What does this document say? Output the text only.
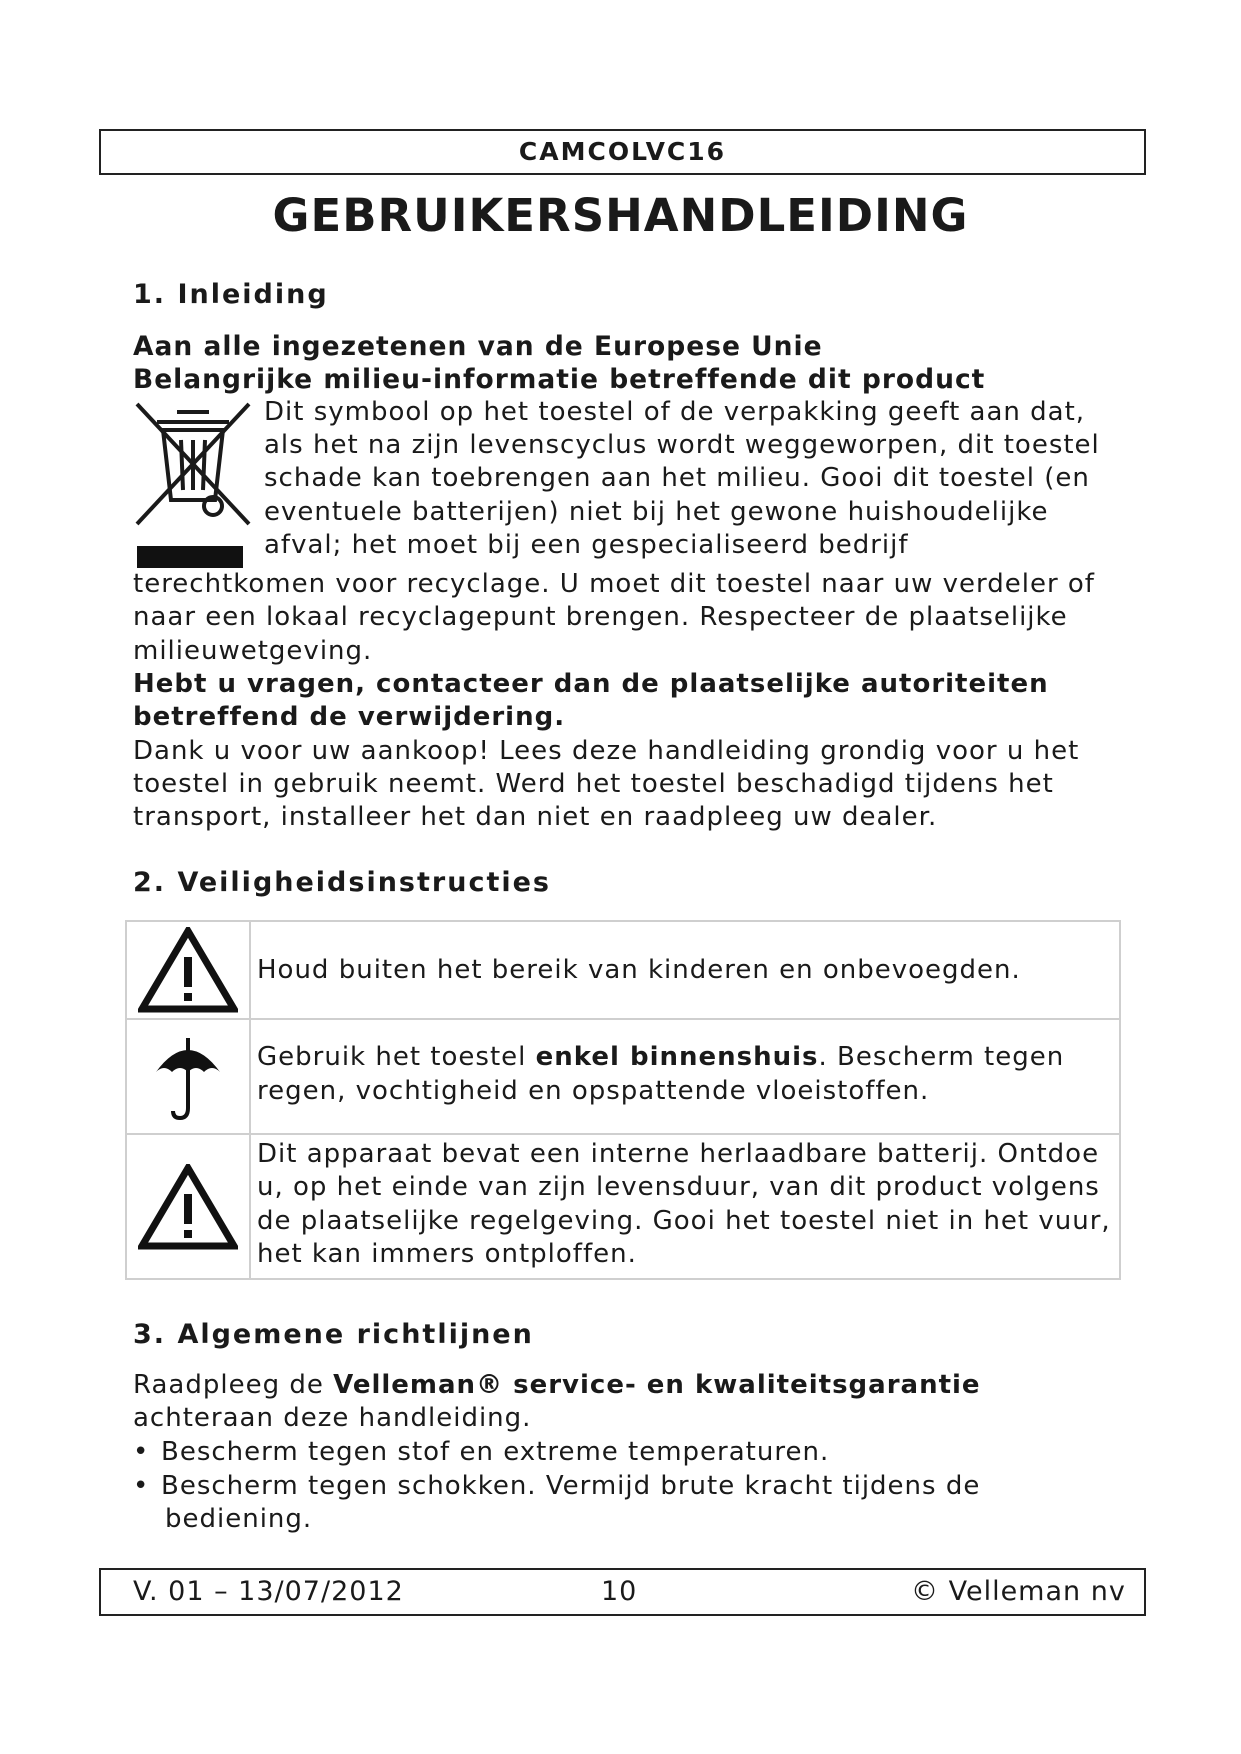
CAMCOLVC16
GEBRUIKERSHANDLEIDING
1. Inleiding
Aan alle ingezetenen van de Europese Unie
Belangrijke milieu-informatie betreffende dit product
Dit symbool op het toestel of de verpakking geeft aan dat,
als het na zijn levenscyclus wordt weggeworpen, dit toestel
schade kan toebrengen aan het milieu. Gooi dit toestel (en
eventuele batterijen) niet bij het gewone huishoudelijke
afval; het moet bij een gespecialiseerd bedrijf
terechtkomen voor recyclage. U moet dit toestel naar uw verdeler of
naar een lokaal recyclagepunt brengen. Respecteer de plaatselijke
milieuwetgeving.
Hebt u vragen, contacteer dan de plaatselijke autoriteiten
betreffend de verwijdering.
Dank u voor uw aankoop! Lees deze handleiding grondig voor u het
toestel in gebruik neemt. Werd het toestel beschadigd tijdens het
transport, installeer het dan niet en raadpleeg uw dealer.
2. Veiligheidsinstructies
Houd buiten het bereik van kinderen en onbevoegden.
Gebruik het toestel enkel binnenshuis. Bescherm tegen
regen, vochtigheid en opspattende vloeistoffen.
Dit apparaat bevat een interne herlaadbare batterij. Ontdoe
u, op het einde van zijn levensduur, van dit product volgens
de plaatselijke regelgeving. Gooi het toestel niet in het vuur,
het kan immers ontploffen.
3. Algemene richtlijnen
Raadpleeg de Velleman® service- en kwaliteitsgarantie
achteraan deze handleiding.
• Bescherm tegen stof en extreme temperaturen.
• Bescherm tegen schokken. Vermijd brute kracht tijdens de
bediening.
V. 01 – 13/07/2012	10	© Velleman nv
